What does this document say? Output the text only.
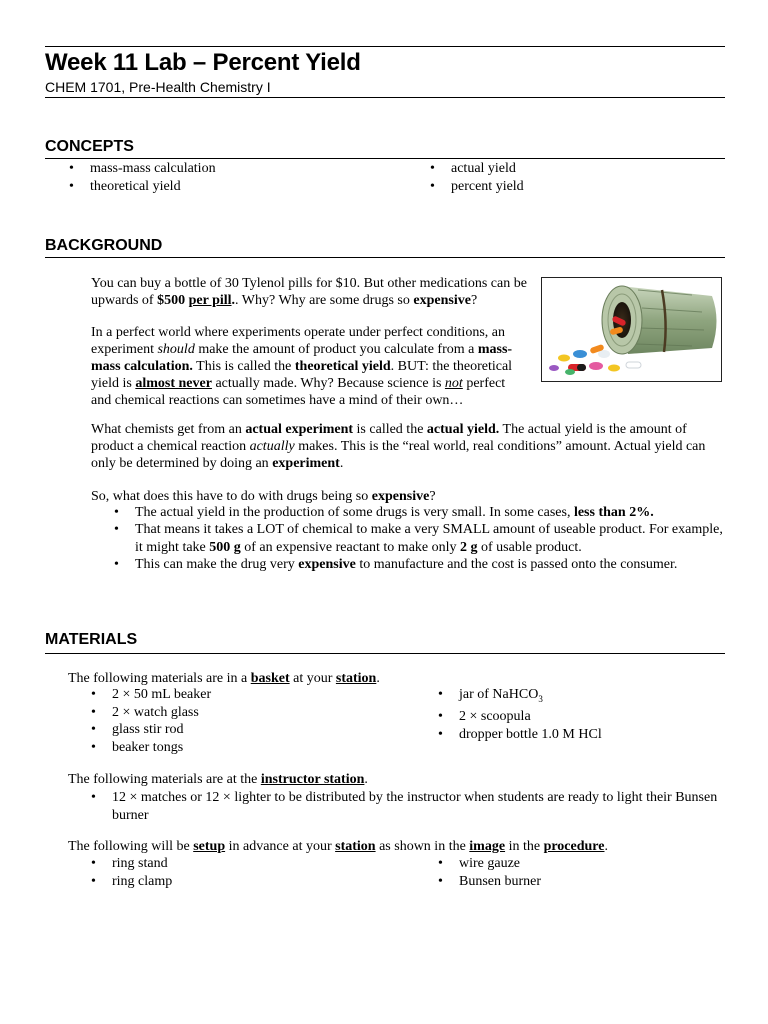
Week 11 Lab – Percent Yield
CHEM 1701, Pre-Health Chemistry I
CONCEPTS
• mass-mass calculation
• theoretical yield
• actual yield
• percent yield
BACKGROUND
You can buy a bottle of 30 Tylenol pills for $10. But other medications can be upwards of $500 per pill.. Why? Why are some drugs so expensive?
In a perfect world where experiments operate under perfect conditions, an experiment should make the amount of product you calculate from a mass-mass calculation. This is called the theoretical yield. BUT: the theoretical yield is almost never actually made. Why? Because science is not perfect and chemical reactions can sometimes have a mind of their own…
What chemists get from an actual experiment is called the actual yield. The actual yield is the amount of product a chemical reaction actually makes. This is the “real world, real conditions” amount. Actual yield can only be determined by doing an experiment.
So, what does this have to do with drugs being so expensive?
• The actual yield in the production of some drugs is very small. In some cases, less than 2%.
• That means it takes a LOT of chemical to make a very SMALL amount of useable product. For example, it might take 500 g of an expensive reactant to make only 2 g of usable product.
• This can make the drug very expensive to manufacture and the cost is passed onto the consumer.
MATERIALS
The following materials are in a basket at your station.
• 2 × 50 mL beaker
• 2 × watch glass
• glass stir rod
• beaker tongs
• jar of NaHCO$_3$
• 2 × scoopula
• dropper bottle 1.0 M HCl
The following materials are at the instructor station.
• 12 × matches or 12 × lighter to be distributed by the instructor when students are ready to light their Bunsen burner
The following will be setup in advance at your station as shown in the image in the procedure.
• ring stand
• ring clamp
• wire gauze
• Bunsen burner
